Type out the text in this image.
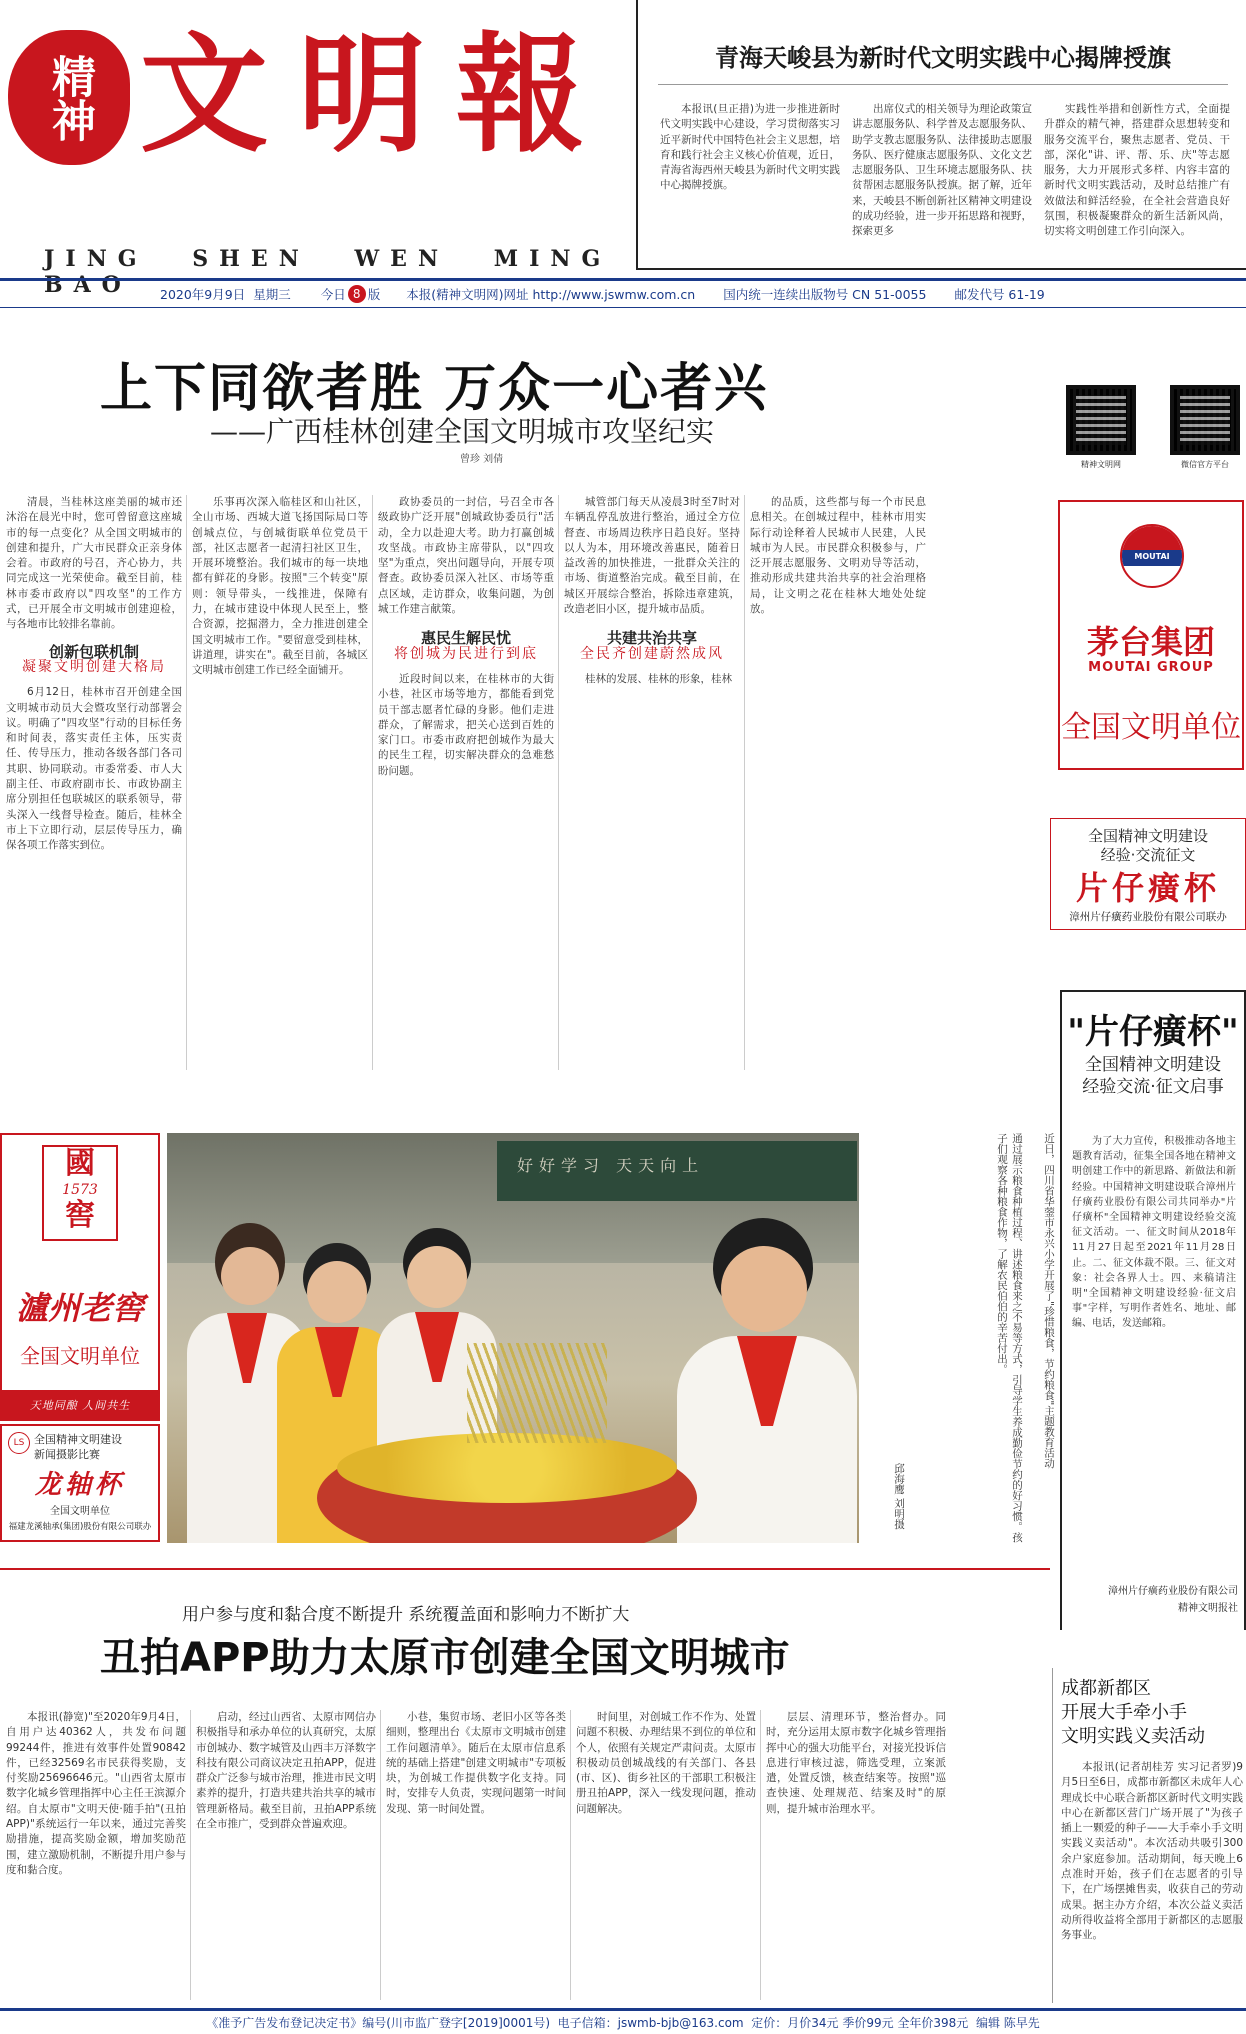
精神 文明報
JING SHEN WEN MING BAO
青海天峻县为新时代文明实践中心揭牌授旗

本报讯(旦正措)为进一步推进新时代文明实践中心建设，学习贯彻落实习近平新时代中国特色社会主义思想，培育和践行社会主义核心价值观，近日，青海省海西州天峻县为新时代文明实践中心揭牌授旗。

出席仪式的相关领导为理论政策宣讲志愿服务队、科学普及志愿服务队、助学支教志愿服务队、法律援助志愿服务队、医疗健康志愿服务队、文化文艺志愿服务队、卫生环境志愿服务队、扶贫帮困志愿服务队授旗。据了解，近年来，天峻县不断创新社区精神文明建设的成功经验，进一步开拓思路和视野，探索更多

实践性举措和创新性方式，全面提升群众的精气神，搭建群众思想转变和服务交流平台，聚焦志愿者、党员、干部，深化"讲、评、帮、乐、庆"等志愿服务，大力开展形式多样、内容丰富的新时代文明实践活动，及时总结推广有效做法和鲜活经验，在全社会营造良好氛围，积极凝聚群众的新生活新风尚，切实将文明创建工作引向深入。

2020年9月9日 星期三 今日 8 版 本报(精神文明网)网址 http://www.jswmw.com.cn 国内统一连续出版物号 CN 51-0055 邮发代号 61-19
上下同欲者胜 万众一心者兴
——广西桂林创建全国文明城市攻坚纪实
曾珍 刘倩	精神文明网	微信官方平台

清晨，当桂林这座美丽的城市还沐浴在晨光中时，您可曾留意这座城市的每一点变化？从全国文明城市的创建和提升，广大市民群众正亲身体会着。市政府的号召，齐心协力，共同完成这一光荣使命。截至目前，桂林市委市政府以"四攻坚"的工作方式，已开展全市文明城市创建迎检，与各地市比较排名靠前。

创新包联机制
凝聚文明创建大格局

6月12日，桂林市召开创建全国文明城市动员大会暨攻坚行动部署会议。明确了"四攻坚"行动的目标任务和时间表，落实责任主体，压实责任、传导压力，推动各级各部门各司其职、协同联动。市委常委、市人大副主任、市政府副市长、市政协副主席分别担任包联城区的联系领导，带头深入一线督导检查。随后，桂林全市上下立即行动，层层传导压力，确保各项工作落实到位。

乐事再次深入临桂区和山社区，全山市场、西城大道飞扬国际局口等创城点位，与创城街联单位党员干部，社区志愿者一起清扫社区卫生，开展环境整治。我们城市的每一块地都有鲜花的身影。按照"三个转变"原则：领导带头，一线推进，保障有力，在城市建设中体现人民至上，整合资源，挖掘潜力，全力推进创建全国文明城市工作。"要留意受到桂林，讲道理，讲实在"。截至目前，各城区文明城市创建工作已经全面铺开。

政协委员的一封信，号召全市各级政协广泛开展"创城政协委员行"活动，全力以赴迎大考。助力打赢创城攻坚战。市政协主席带队，以"四攻坚"为重点，突出问题导向，开展专项督查。政协委员深入社区、市场等重点区域，走访群众，收集问题，为创城工作建言献策。

惠民生解民忧
将创城为民进行到底

近段时间以来，在桂林市的大街小巷，社区市场等地方，都能看到党员干部志愿者忙碌的身影。他们走进群众，了解需求，把关心送到百姓的家门口。市委市政府把创城作为最大的民生工程，切实解决群众的急难愁盼问题。

城管部门每天从凌晨3时至7时对车辆乱停乱放进行整治，通过全方位督查、市场周边秩序日趋良好。坚持以人为本，用环境改善惠民，随着日益改善的加快推进，一批群众关注的市场、街道整治完成。截至目前，在城区开展综合整治，拆除违章建筑，改造老旧小区，提升城市品质。

共建共治共享
全民齐创建蔚然成风

桂林的发展、桂林的形象，桂林

的品质，这些都与每一个市民息息相关。在创城过程中，桂林市用实际行动诠释着人民城市人民建，人民城市为人民。市民群众积极参与，广泛开展志愿服务、文明劝导等活动，推动形成共建共治共享的社会治理格局，让文明之花在桂林大地处处绽放。

MOUTAI
茅台集团
MOUTAI GROUP
全国文明单位
全国精神文明建设
经验·交流征文
片仔癀杯
漳州片仔癀药业股份有限公司联办
"片仔癀杯"
全国精神文明建设
经验交流·征文启事

为了大力宣传，积极推动各地主题教育活动，征集全国各地在精神文明创建工作中的新思路、新做法和新经验。中国精神文明建设联合漳州片仔癀药业股份有限公司共同举办"片仔癀杯"全国精神文明建设经验交流征文活动。一、征文时间从2018年11月27日起至2021年11月28日止。二、征文体裁不限。三、征文对象：社会各界人士。四、来稿请注明"全国精神文明建设经验·征文启事"字样，写明作者姓名、地址、邮编、电话，发送邮箱。

漳州片仔癀药业股份有限公司
精神文明报社
國
1573
窖
瀘州老窖
全国文明单位
天地同酿 人间共生
全国精神文明建设
新闻摄影比赛
LS
龙轴杯
全国文明单位
福建龙溪轴承(集团)股份有限公司联办
好好学习 天天向上	近日，四川省华蓥市永兴小学开展了"珍惜粮食，节约粮食"主题教育活动
通过展示粮食种植过程、讲述粮食来之不易等方式，引导学生养成勤俭节约的好习惯。孩子们观察各种粮食作物，了解农民伯伯的辛苦付出。
邱海鹰 刘明摄
用户参与度和黏合度不断提升 系统覆盖面和影响力不断扩大
丑拍APP助力太原市创建全国文明城市

本报讯(静宽)"至2020年9月4日，自用户达40362人，共发布问题99244件，推进有效事件处置90842件，已经32569名市民获得奖励，支付奖励25696646元。"山西省太原市数字化城乡管理指挥中心主任王滨源介绍。自太原市"文明天使·随手拍"(丑拍APP)"系统运行一年以来，通过完善奖励措施，提高奖励金额，增加奖励范围，建立激励机制，不断提升用户参与度和黏合度。

启动，经过山西省、太原市网信办积极指导和承办单位的认真研究，太原市创城办、数字城管及山西丰万泽数字科技有限公司商议决定丑拍APP，促进群众广泛参与城市治理，推进市民文明素养的提升，打造共建共治共享的城市管理新格局。截至目前，丑拍APP系统在全市推广，受到群众普遍欢迎。

小巷，集贸市场、老旧小区等各类细则，整理出台《太原市文明城市创建工作问题清单》。随后在太原市信息系统的基础上搭建"创建文明城市"专项板块，为创城工作提供数字化支持。同时，安排专人负责，实现问题第一时间发现、第一时间处置。

时间里，对创城工作不作为、处置问题不积极、办理结果不到位的单位和个人，依照有关规定严肃问责。太原市积极动员创城战线的有关部门、各县(市、区)、街乡社区的干部职工积极注册丑拍APP，深入一线发现问题，推动问题解决。

层层、清理环节，整治督办。同时，充分运用太原市数字化城乡管理指挥中心的强大功能平台，对接光投诉信息进行审核过滤，筛选受理，立案派遣，处置反馈，核查结案等。按照"巡查快速、处理规范、结案及时"的原则，提升城市治理水平。

成都新都区
开展大手牵小手
文明实践义卖活动

本报讯(记者胡桂芳 实习记者罗)9月5日至6日，成都市新都区未成年人心理成长中心联合新都区新时代文明实践中心在新都区营门广场开展了"为孩子插上一颗爱的种子——大手牵小手文明实践义卖活动"。本次活动共吸引300余户家庭参加。活动期间，每天晚上6点准时开始，孩子们在志愿者的引导下，在广场摆摊售卖，收获自己的劳动成果。据主办方介绍，本次公益义卖活动所得收益将全部用于新都区的志愿服务事业。

《准予广告发布登记决定书》编号(川市监广登字[2019]0001号)  电子信箱：jswmb-bjb@163.com  定价：月价34元 季价99元 全年价398元  编辑 陈早先
